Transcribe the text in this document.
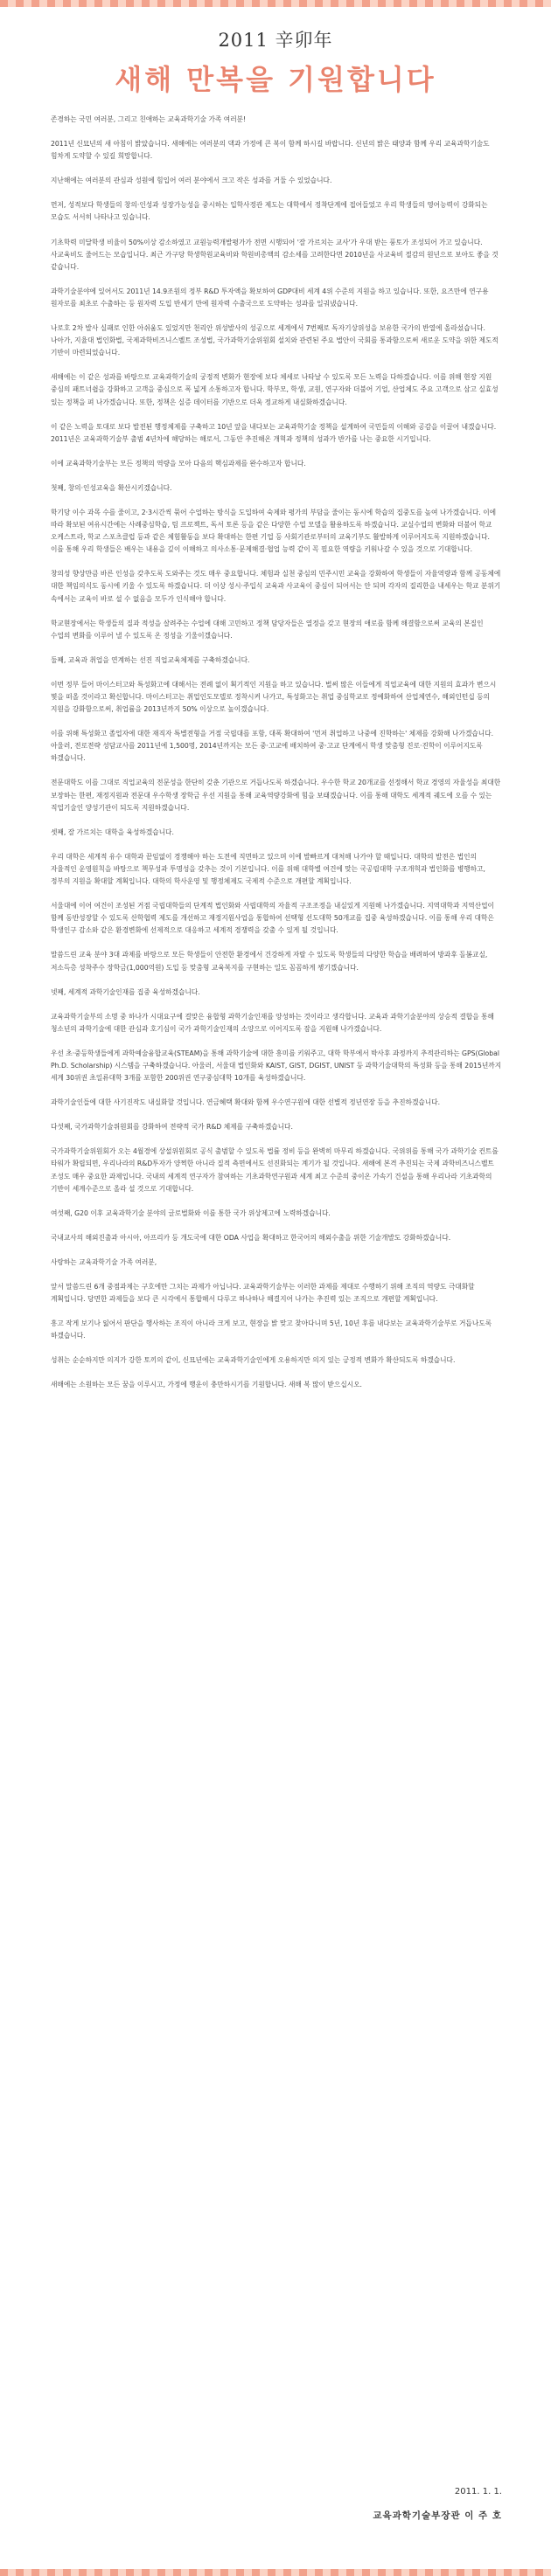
2011 辛卯年
새해 만복을 기원합니다

존경하는 국민 여러분, 그리고 친애하는 교육과학기술 가족 여러분!

2011년 신묘년의 새 아침이 밝았습니다. 새해에는 여러분의 댁과 가정에 큰 복이 함께 하시길 바랍니다. 신년의 밝은 태양과 함께 우리 교육과학기술도 힘차게 도약할 수 있길 희망합니다.

지난해에는 여러분의 관심과 성원에 힘입어 여러 분야에서 크고 작은 성과를 거둘 수 있었습니다.

먼저, 성적보다 학생들의 창의·인성과 성장가능성을 중시하는 입학사정관 제도는 대학에서 정착단계에 접어들었고 우리 학생들의 영어능력이 강화되는 모습도 서서히 나타나고 있습니다.

기초학력 미달학생 비율이 50%이상 감소하였고 교원능력개발평가가 전면 시행되어 '잘 가르치는 교사'가 우대 받는 풍토가 조성되어 가고 있습니다. 사교육비도 줄어드는 모습입니다. 최근 가구당 학생학원교육비와 학원비총액의 감소세를 고려한다면 2010년을 사교육비 절감의 원년으로 보아도 좋을 것 같습니다.

과학기술분야에 있어서도 2011년 14.9조원의 정부 R&D 투자액을 확보하여 GDP대비 세계 4위 수준의 지원을 하고 있습니다. 또한, 요즈만에 연구용 원자로를 최초로 수출하는 등 원자력 도입 반세기 만에 원자력 수출국으로 도약하는 성과를 일궈냈습니다.

나로호 2차 발사 실패로 인한 아쉬움도 있었지만 천리안 위성발사의 성공으로 세계에서 7번째로 독자기상위성을 보유한 국가의 반열에 올라섰습니다. 나아가, 지율대 법인화법, 국제과학비즈니스벨트 조성법, 국가과학기술위원회 설치와 관련된 주요 법안이 국회를 통과함으로써 새로운 도약을 위한 제도적 기반이 마련되었습니다.

새해에는 이 같은 성과를 바탕으로 교육과학기술의 궁정적 변화가 현장에 보다 체세로 나타날 수 있도록 모든 노력을 다하겠습니다. 이를 위해 현장 지원 중심의 패트너쉽을 강화하고 고객을 중심으로 폭 넓게 소통하고자 합니다. 학부모, 학생, 교원, 연구자와 더불어 기업, 산업체도 주요 고객으로 삼고 실효성 있는 정책을 펴 나가겠습니다. 또한, 정책은 실증 데이터를 기반으로 더욱 정교하게 내실화하겠습니다.

이 같은 노력을 토대로 보다 발전된 행정체제를 구축하고 10년 앞을 내다보는 교육과학기술 정책을 설계하여 국민들의 이해와 공감을 이끌어 내겠습니다. 2011년은 교육과학기술부 출범 4년차에 해당하는 해로서, 그동안 추진해온 개혁과 정책의 성과가 반가를 나는 중요한 시기입니다.

이에 교육과학기술부는 모든 정책의 역량을 모아 다음의 핵심과제를 완수하고자 합니다.

첫째, 창의·인성교육을 확산시키겠습니다.

학기당 이수 과목 수를 줄이고, 2·3시간씩 묶어 수업하는 방식을 도입하여 숙제와 평가의 부담을 줄이는 동시에 학습의 집중도를 높여 나가겠습니다. 이에 따라 확보된 여유시간에는 사례중심학습, 팀 프로젝트, 독서 토론 등을 같은 다양한 수업 모델을 활용하도록 하겠습니다. 교실수업의 변화와 더불어 학교 오케스트라, 학교 스포츠클럽 등과 같은 체험활동을 보다 확대하는 한편 기업 등 사회기관로부터의 교육기부도 활발하게 이루어지도록 지원하겠습니다. 이를 통해 우리 학생들은 배우는 내용을 깊이 이해하고 의사소통·문제해결·협업 능력 같이 꼭 필요한 역량을 키워나갈 수 있을 것으로 기대합니다.

창의성 향상만큼 바른 인성을 갖추도록 도와주는 것도 매우 중요합니다. 체험과 실천 중심의 민주시민 교육을 강화하여 학생들이 자율역량과 함께 공동체에 대한 책임의식도 동시에 키울 수 있도록 하겠습니다. 더 이상 성시·주입식 교육과 사교육이 중심이 되어서는 안 되며 각자의 질리한을 내세우는 학교 분위기 속에서는 교육이 바로 설 수 없음을 모두가 인식해야 합니다.

학교현장에서는 학생들의 질과 적성을 살려주는 수업에 대해 고민하고 정책 담당자들은 열정을 갖고 현장의 애로를 함께 해결함으로써 교육의 본질인 수업의 변화를 이루어 낼 수 있도록 온 정성을 기울이겠습니다.

둘째, 교육과 취업을 연계하는 선진 직업교육체제를 구축하겠습니다.

이번 정부 들어 마이스터고와 특성화고에 대해서는 전례 없이 획기적인 지원을 하고 있습니다. 벌써 많은 이들에게 직업교육에 대한 지원의 효과가 변으시 몇을 떠올 것이라고 확신합니다. 마이스터고는 취업인도모델로 정착시켜 나가고, 특성화고는 취업 중심학교로 정예화하여 산업체연수, 해외인턴십 등의 지원을 강화함으로써, 취업률을 2013년까지 50% 이상으로 높이겠습니다.

이를 위해 특성화고 졸업자에 대한 재직자 특별전형을 거점 국립대를 포함, 대폭 확대하여 '먼저 취업하고 나중에 진학하는' 체제를 강화해 나가겠습니다. 아울러, 전로전략 성담교사를 2011년에 1,500명, 2014년까지는 모든 중·고교에 배치하여 중·고교 단계에서 학생 맞춤형 진로·진학이 이루어지도록 하겠습니다.

전문대학도 이를 그대로 직업교육의 전문성을 한단히 갖춘 기관으로 거듭나도록 하겠습니다. 우수한 학교 20개교를 선정해서 학교 경영의 자율성을 최대한 보장하는 한편, 재정지원과 전문대 우수학생 장학금 우선 지원을 통해 교육역량강화에 힘을 보태겠습니다. 이를 통해 대학도 세계적 궤도에 오를 수 있는 직업기술인 양성기관이 되도록 지원하겠습니다.

셋째, 잘 가르치는 대학을 육성하겠습니다.

우리 대학은 세계적 유수 대학과 끝임없이 경쟁해야 하는 도전에 직면하고 있으며 이에 발빠르게 대처해 나가야 할 때입니다. 대학의 발전은 법인의 자율적인 운영원칙을 바탕으로 책무성과 투명성을 갖추는 것이 기본입니다. 이를 위해 대학별 여건에 맞는 국공립대학 구조개혁과 법인화를 병행하고, 정부의 지원을 확대할 계획입니다. 대학의 학사운영 및 행정체제도 국제적 수준으로 개편할 계획입니다.

서울대에 이어 여건이 조성된 거점 국립대학들의 단계적 법인화와 사립대학의 자율적 구조조정을 내실있게 지원해 나가겠습니다. 지역대학과 지역산업이 함께 동반성장할 수 있도록 산학협력 제도를 개선하고 재정지원사업을 통합하여 선택형 선도대학 50개교를 집중 육성하겠습니다. 이를 통해 우리 대학은 학생인구 감소와 같은 환경변화에 선제적으로 대응하고 세계적 경쟁력을 갖출 수 있게 될 것입니다.

말씀드린 교육 분야 3대 과제를 바탕으로 모든 학생들이 안전한 환경에서 건강하게 자랄 수 있도록 학생들의 다양한 학습을 배려하여 방과후 돌봄교실, 저소득층 성착주수 장학금(1,000억원) 도입 등 맞춤형 교육복지를 구현하는 일도 꼼꼼하게 챙기겠습니다.

넷째, 세계적 과학기술인재를 집중 육성하겠습니다.

교육과학기술부의 소명 중 하나가 시대요구에 걸맞은 융합형 과학기술인재를 양성하는 것이라고 생각합니다. 교육과 과학기술분야의 상승적 결합을 통해 청소년의 과학기술에 대한 관심과 호기심이 국가 과학기술인재의 소양으로 이어지도록 잠을 지원해 나가겠습니다.

우선 초·중등학생들에게 과학예술융합교육(STEAM)을 통해 과학기술에 대한 흥미를 키워주고, 대학 학부에서 박사후 과정까지 추적관리하는 GPS(Global Ph.D. Scholarship) 시스템을 구축하겠습니다. 아울러, 서울대 법인화와 KAIST, GIST, DGIST, UNIST 등 과학기술대학의 특성화 등을 통해 2015년까지 세계 30위권 초일류대학 3개를 포함한 200위권 연구중심대학 10개를 육성하겠습니다.

과학기술인들에 대한 사기진작도 내실화할 것입니다. 연금혜택 확대와 함께 우수연구원에 대한 선별적 정년연장 등을 추진하겠습니다.

다섯째, 국가과학기술위원회를 강화하여 전략적 국가 R&D 체제를 구축하겠습니다.

국가과학기술위원회가 오는 4월경에 상설위원회로 공식 출범할 수 있도록 법률 정비 등을 완벽히 마무리 하겠습니다. 국위위를 통해 국가 과학기술 컨트롤 타워가 확립되면, 우리나라의 R&D투자가 양쩍한 아니라 질적 측면에서도 선진화되는 계기가 될 것입니다. 새해에 본격 추진되는 국제 과학비즈니스벨트 조성도 매우 중요한 과제입니다. 국내의 세계적 연구자가 참여하는 기초과학연구원과 세계 최고 수준의 중이온 가속기 건설을 통해 우리나라 기초과학의 기반이 세계수준으로 올라 설 것으로 기대합니다.

여섯째, G20 이후 교육과학기술 분야의 글로벌화와 이를 통한 국가 위상제고에 노력하겠습니다.

국내교사의 해외진출과 아시아, 아프리카 등 개도국에 대한 ODA 사업을 확대하고 한국어의 해외수출을 위한 기술개발도 강화하겠습니다.

사랑하는 교육과학기술 가족 여러분,

앞서 말씀드린 6개 중점과제는 구호에만 그치는 과제가 아닙니다. 교육과학기술부는 이러한 과제를 제대로 수행하기 위해 조직의 역량도 극대화할 계획입니다. 당면한 과제들을 보다 큰 시각에서 통합해서 다루고 하나하나 해결지어 나가는 추진력 있는 조직으로 개편할 계획입니다.

흥고 작게 보기나 잃어서 판단을 행사하는 조직이 아니라 크게 보고, 현장을 밝 맞고 찾아다니며 5년, 10년 후를 내다보는 교육과학기술부로 거듭나도록 하겠습니다.

성취는 순순하지만 의지가 강한 토끼의 같이, 신묘년에는 교육과학기술인에게 오용하지만 의지 있는 긍정적 변화가 확산되도록 하겠습니다.

새해에는 소원하는 모든 꿈을 이루시고, 가정에 행운이 충만하시기를 기원합니다. 새해 복 많이 받으십시오.

2011. 1. 1.
교육과학기술부장관 이 주 호
